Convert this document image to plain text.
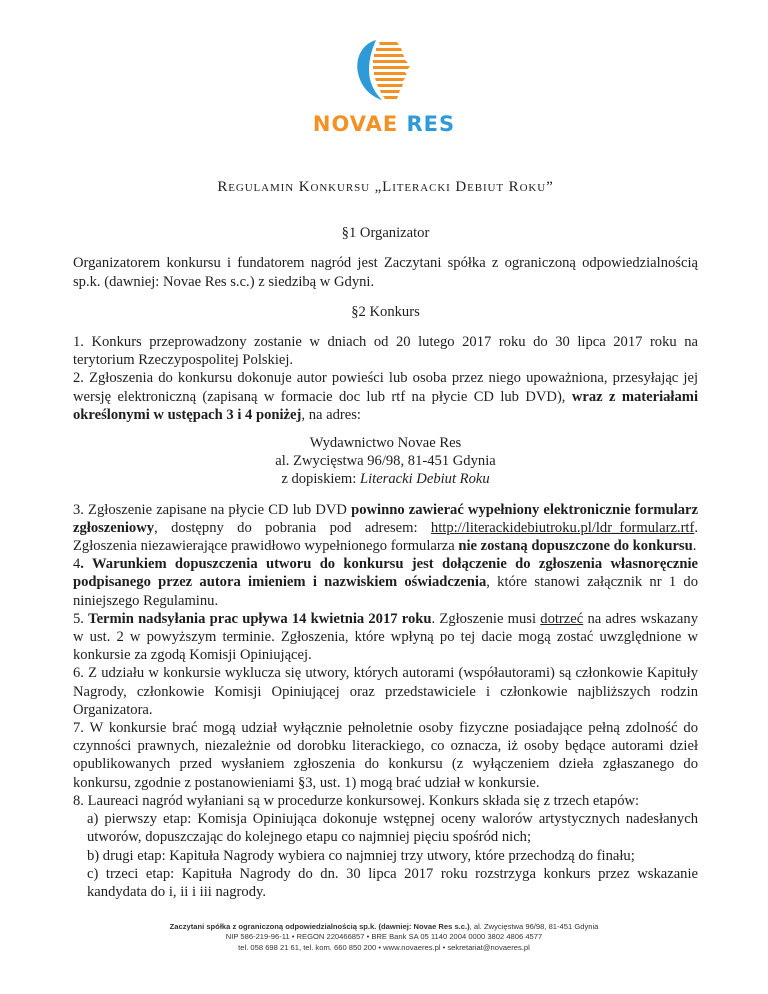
NOVAE RES
Regulamin Konkursu „Literacki Debiut Roku”
§1 Organizator
Organizatorem konkursu i fundatorem nagród jest Zaczytani spółka z ograniczoną odpowiedzialnością sp.k. (dawniej: Novae Res s.c.) z siedzibą w Gdyni.
§2 Konkurs
1. Konkurs przeprowadzony zostanie w dniach od 20 lutego 2017 roku do 30 lipca 2017 roku na terytorium Rzeczypospolitej Polskiej.
2. Zgłoszenia do konkursu dokonuje autor powieści lub osoba przez niego upoważniona, przesyłając jej wersję elektroniczną (zapisaną w formacie doc lub rtf na płycie CD lub DVD), wraz z materiałami określonymi w ustępach 3 i 4 poniżej, na adres:
Wydawnictwo Novae Res
al. Zwycięstwa 96/98, 81-451 Gdynia
z dopiskiem: Literacki Debiut Roku
3. Zgłoszenie zapisane na płycie CD lub DVD powinno zawierać wypełniony elektronicznie formularz zgłoszeniowy, dostępny do pobrania pod adresem: http://literackidebiutroku.pl/ldr_formularz.rtf. Zgłoszenia niezawierające prawidłowo wypełnionego formularza nie zostaną dopuszczone do konkursu.
4. Warunkiem dopuszczenia utworu do konkursu jest dołączenie do zgłoszenia własnoręcznie podpisanego przez autora imieniem i nazwiskiem oświadczenia, które stanowi załącznik nr 1 do niniejszego Regulaminu.
5. Termin nadsyłania prac upływa 14 kwietnia 2017 roku. Zgłoszenie musi dotrzeć na adres wskazany w ust. 2 w powyższym terminie. Zgłoszenia, które wpłyną po tej dacie mogą zostać uwzględnione w konkursie za zgodą Komisji Opiniującej.
6. Z udziału w konkursie wyklucza się utwory, których autorami (współautorami) są członkowie Kapituły Nagrody, członkowie Komisji Opiniującej oraz przedstawiciele i członkowie najbliższych rodzin Organizatora.
7. W konkursie brać mogą udział wyłącznie pełnoletnie osoby fizyczne posiadające pełną zdolność do czynności prawnych, niezależnie od dorobku literackiego, co oznacza, iż osoby będące autorami dzieł opublikowanych przed wysłaniem zgłoszenia do konkursu (z wyłączeniem dzieła zgłaszanego do konkursu, zgodnie z postanowieniami §3, ust. 1) mogą brać udział w konkursie.
8. Laureaci nagród wyłaniani są w procedurze konkursowej. Konkurs składa się z trzech etapów:
a) pierwszy etap: Komisja Opiniująca dokonuje wstępnej oceny walorów artystycznych nadesłanych utworów, dopuszczając do kolejnego etapu co najmniej pięciu spośród nich;
b) drugi etap: Kapituła Nagrody wybiera co najmniej trzy utwory, które przechodzą do finału;
c) trzeci etap: Kapituła Nagrody do dn. 30 lipca 2017 roku rozstrzyga konkurs przez wskazanie kandydata do i, ii i iii nagrody.
Zaczytani spółka z ograniczoną odpowiedzialnością sp.k. (dawniej: Novae Res s.c.), al. Zwycięstwa 96/98, 81-451 Gdynia
NIP 586-219-96-11 • REGON 220466857 • BRE Bank SA 05 1140 2004 0000 3802 4806 4577
tel. 058 698 21 61, tel. kom. 660 850 200 • www.novaeres.pl • sekretariat@novaeres.pl
